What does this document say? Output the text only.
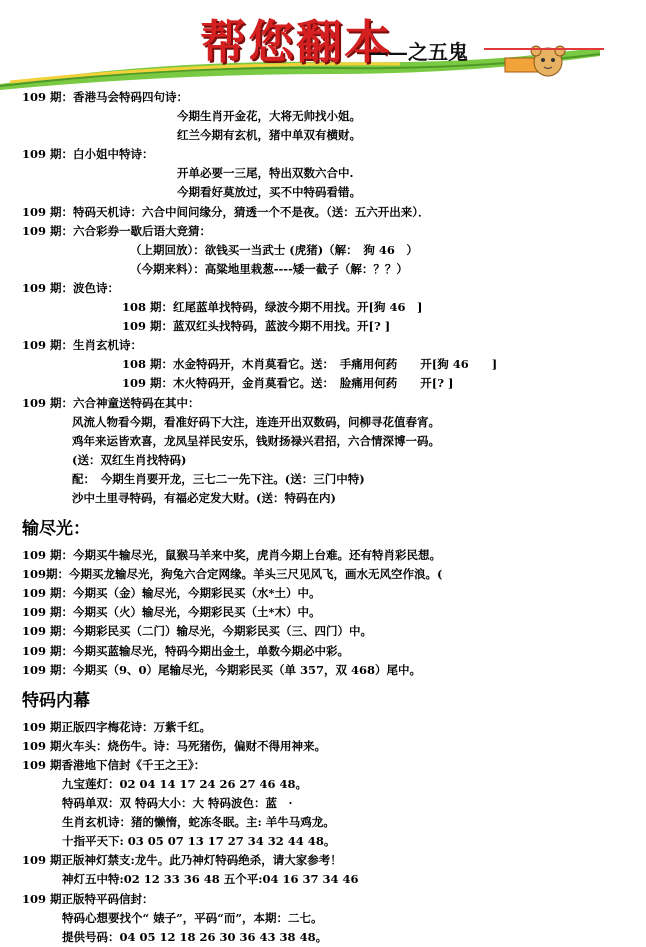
帮您翻本
——之五鬼
109 期：香港马会特码四句诗：
今期生肖开金花，大将无帅找小姐。
红兰今期有玄机，猪中单双有横财。
109 期：白小姐中特诗：
开单必要一三尾，特出双数六合中.
今期看好莫放过，买不中特码看错。
109 期：特码天机诗：六合中间问缘分，猜透一个不是夜。（送：五六开出来）．
109 期：六合彩券一歇后语大竞猜：
（上期回放）：欲钱买一当武士 (虎猪)（解：　狗 46　）
（今期来料）：高粱地里栽葱----矮一截子（解：？？）
109 期：波色诗：
108 期：红尾蓝单找特码，绿波今期不用找。开[狗 46　]
109 期：蓝双红头找特码，蓝波今期不用找。开[? ]
109 期：生肖玄机诗：
108 期：水金特码开，木肖莫看它。送：　手痛用何药　　开[狗 46　　]
109 期：木火特码开，金肖莫看它。送：　脸痛用何药　　开[? ]
109 期：六合神童送特码在其中：
风流人物看今期，看准好码下大注，连连开出双数码，问柳寻花值春宵。
鸡年来运皆欢喜，龙凤呈祥民安乐，钱财扬禄兴君招，六合情深博一码。
(送：双红生肖找特码)
配：　今期生肖要开龙，三七二一先下注。(送：三门中特)
沙中土里寻特码，有福必定发大财。(送：特码在内)
输尽光：
109 期：今期买牛输尽光，鼠猴马羊来中奖，虎肖今期上台难。还有特肖彩民想。
109期：今期买龙输尽光，狗兔六合定网缘。羊头三尺见风飞，画水无风空作浪。(
109 期：今期买（金）输尽光，今期彩民买（水*土）中。
109 期：今期买（火）输尽光，今期彩民买（土*木）中。
109 期：今期彩民买（二门）输尽光，今期彩民买（三、四门）中。
109 期：今期买蓝输尽光，特码今期出金土，单数今期必中彩。
109 期：今期买（9、0）尾输尽光，今期彩民买（单 357，双 468）尾中。
特码内幕
109 期正版四字梅花诗：万紫千红。
109 期火车头：烧伤牛。诗：马死猪伤，偏财不得用神来。
109 期香港地下信封《千王之王》：
九宝莲灯：02 04 14 17 24 26 27 46 48。
特码单双：双 特码大小：大 特码波色：蓝　·
生肖玄机诗：猪的懒惰，蛇冻冬眠。主: 羊牛马鸡龙。
十指平天下: 03 05 07 13 17 27 34 32 44 48。
109 期正版神灯禁支:龙牛。此乃神灯特码绝杀，请大家参考！
神灯五中特:02 12 33 36 48 五个平:04 16 37 34 46
109 期正版特平码信封：
特码心想要找个“ 婊子”，平码“而”，本期：二七。
提供号码：04 05 12 18 26 30 36 43 38 48。
